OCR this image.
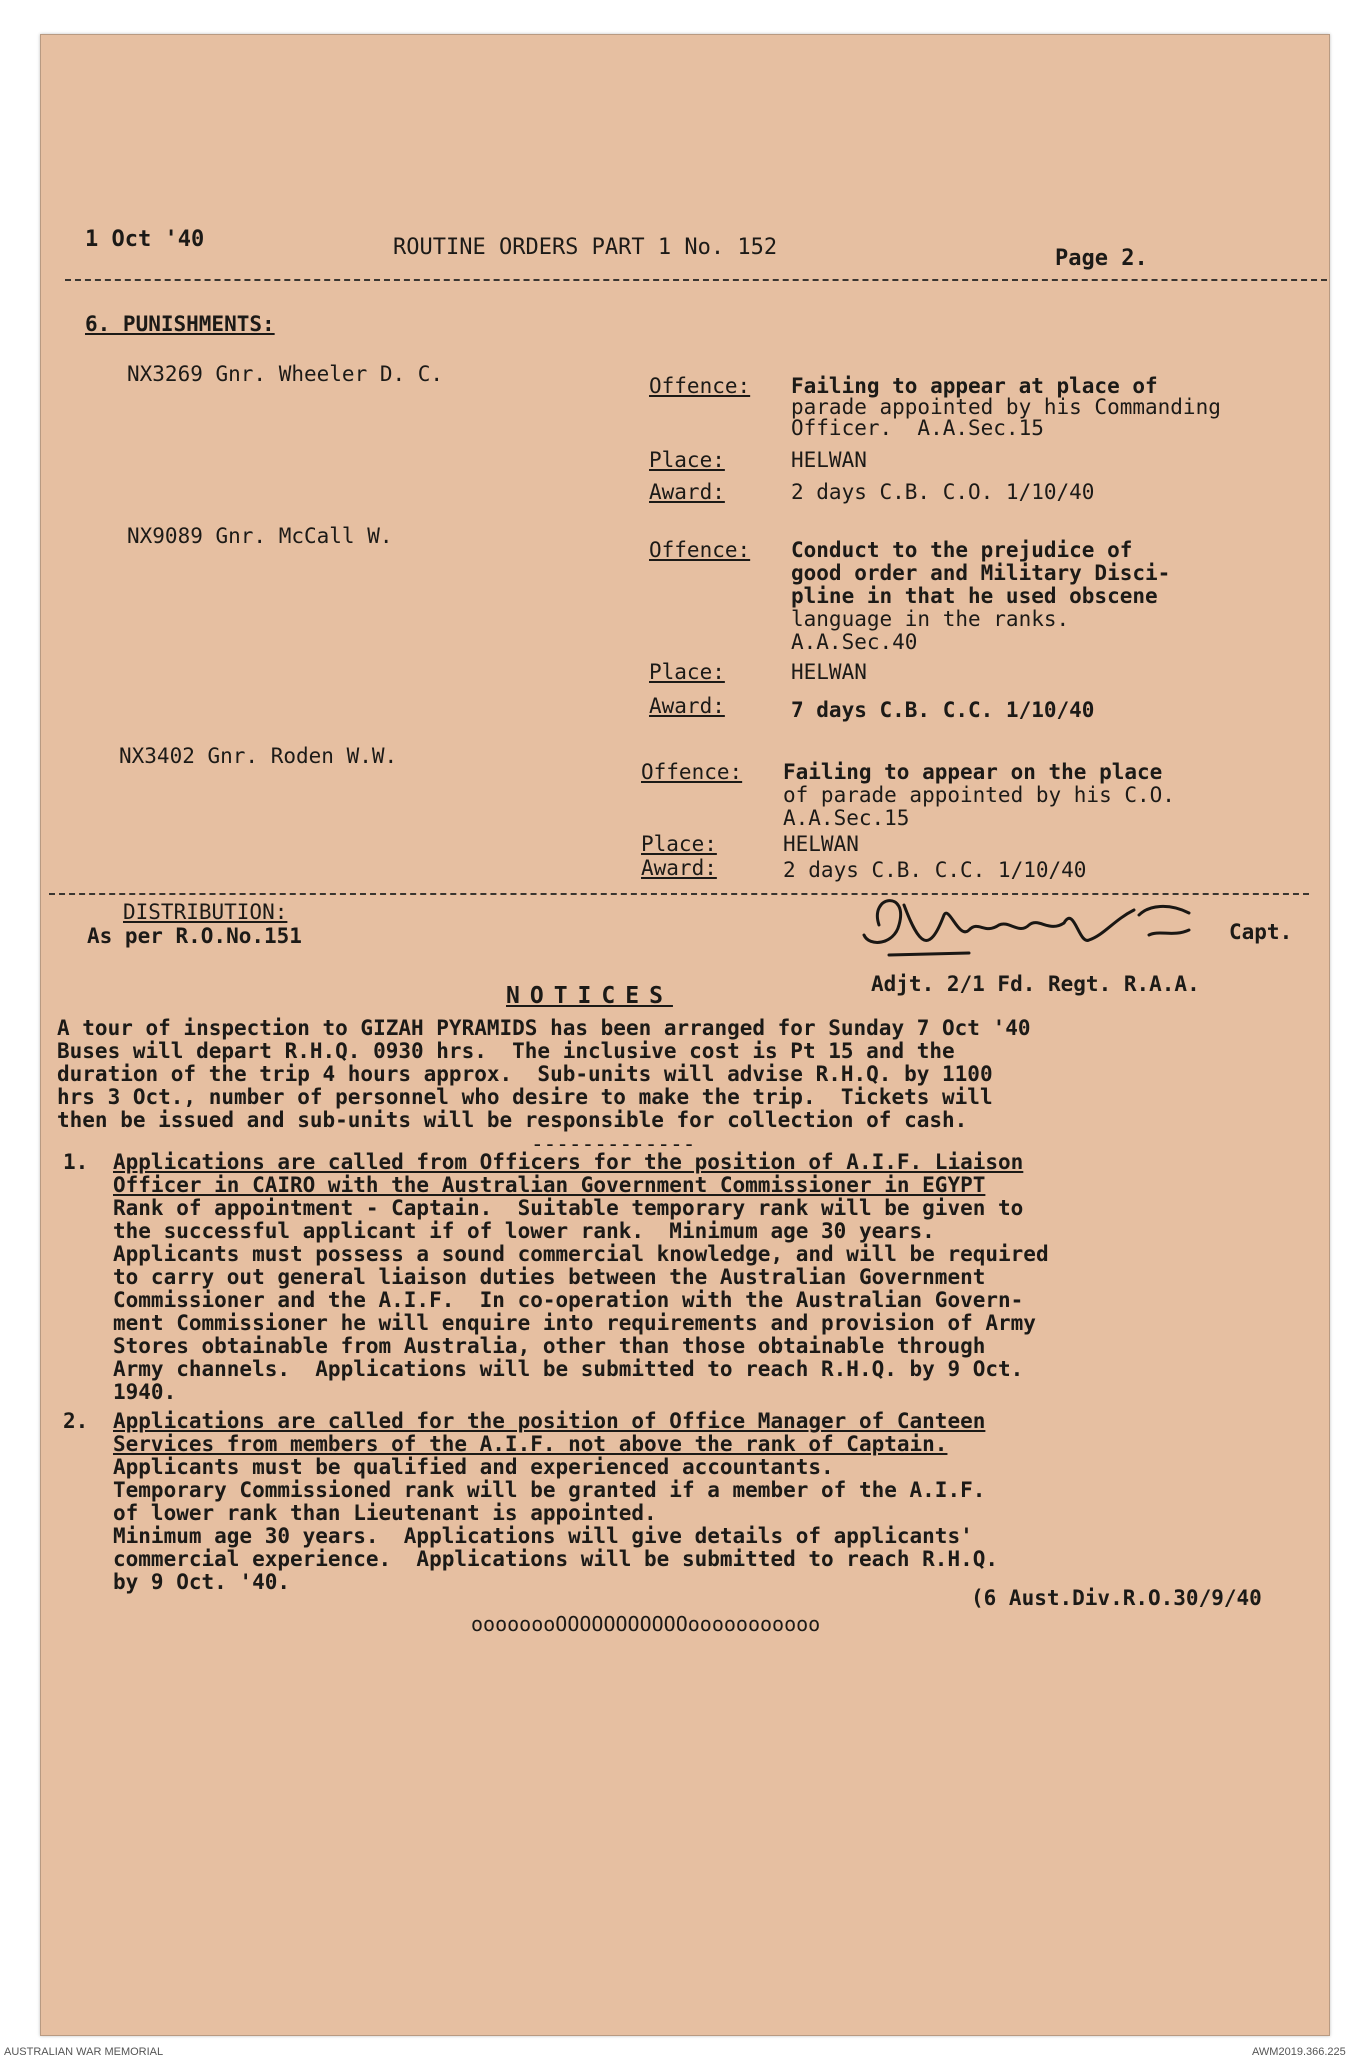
1 Oct '40	ROUTINE ORDERS PART 1 No. 152	Page 2.
6. PUNISHMENTS:
NX3269 Gnr. Wheeler D. C.	Offence: Failing to appear at place of
parade appointed by his Commanding
Officer.  A.A.Sec.15
Place:	HELWAN
Award:	2 days C.B. C.O. 1/10/40
NX9089 Gnr. McCall W.
Offence: Conduct to the prejudice of
good order and Military Disci-
pline in that he used obscene
language in the ranks.
A.A.Sec.40
Place:	HELWAN
Award:	7 days C.B. C.C. 1/10/40
NX3402 Gnr. Roden W.W.
Offence: Failing to appear on the place
of parade appointed by his C.O.
A.A.Sec.15
Place:	HELWAN
Award:	2 days C.B. C.C. 1/10/40
DISTRIBUTION:
As per R.O.No.151	Capt.
Adjt. 2/1 Fd. Regt. R.A.A.
NOTICES
A tour of inspection to GIZAH PYRAMIDS has been arranged for Sunday 7 Oct '40
Buses will depart R.H.Q. 0930 hrs.  The inclusive cost is Pt 15 and the
duration of the trip 4 hours approx.  Sub-units will advise R.H.Q. by 1100
hrs 3 Oct., number of personnel who desire to make the trip.  Tickets will
then be issued and sub-units will be responsible for collection of cash.
-------------
1. Applications are called from Officers for the position of A.I.F. Liaison
Officer in CAIRO with the Australian Government Commissioner in EGYPT
Rank of appointment - Captain.  Suitable temporary rank will be given to
the successful applicant if of lower rank.  Minimum age 30 years.
Applicants must possess a sound commercial knowledge, and will be required
to carry out general liaison duties between the Australian Government
Commissioner and the A.I.F.  In co-operation with the Australian Govern-
ment Commissioner he will enquire into requirements and provision of Army
Stores obtainable from Australia, other than those obtainable through
Army channels.  Applications will be submitted to reach R.H.Q. by 9 Oct.
1940.
2. Applications are called for the position of Office Manager of Canteen
Services from members of the A.I.F. not above the rank of Captain.
Applicants must be qualified and experienced accountants.
Temporary Commissioned rank will be granted if a member of the A.I.F.
of lower rank than Lieutenant is appointed.
Minimum age 30 years.  Applications will give details of applicants'
commercial experience.  Applications will be submitted to reach R.H.Q.
by 9 Oct. '40.
(6 Aust.Div.R.O.30/9/40
oooooooOOOOOOOOOOOooooooooooo
AUSTRALIAN WAR MEMORIAL	AWM2019.366.225
